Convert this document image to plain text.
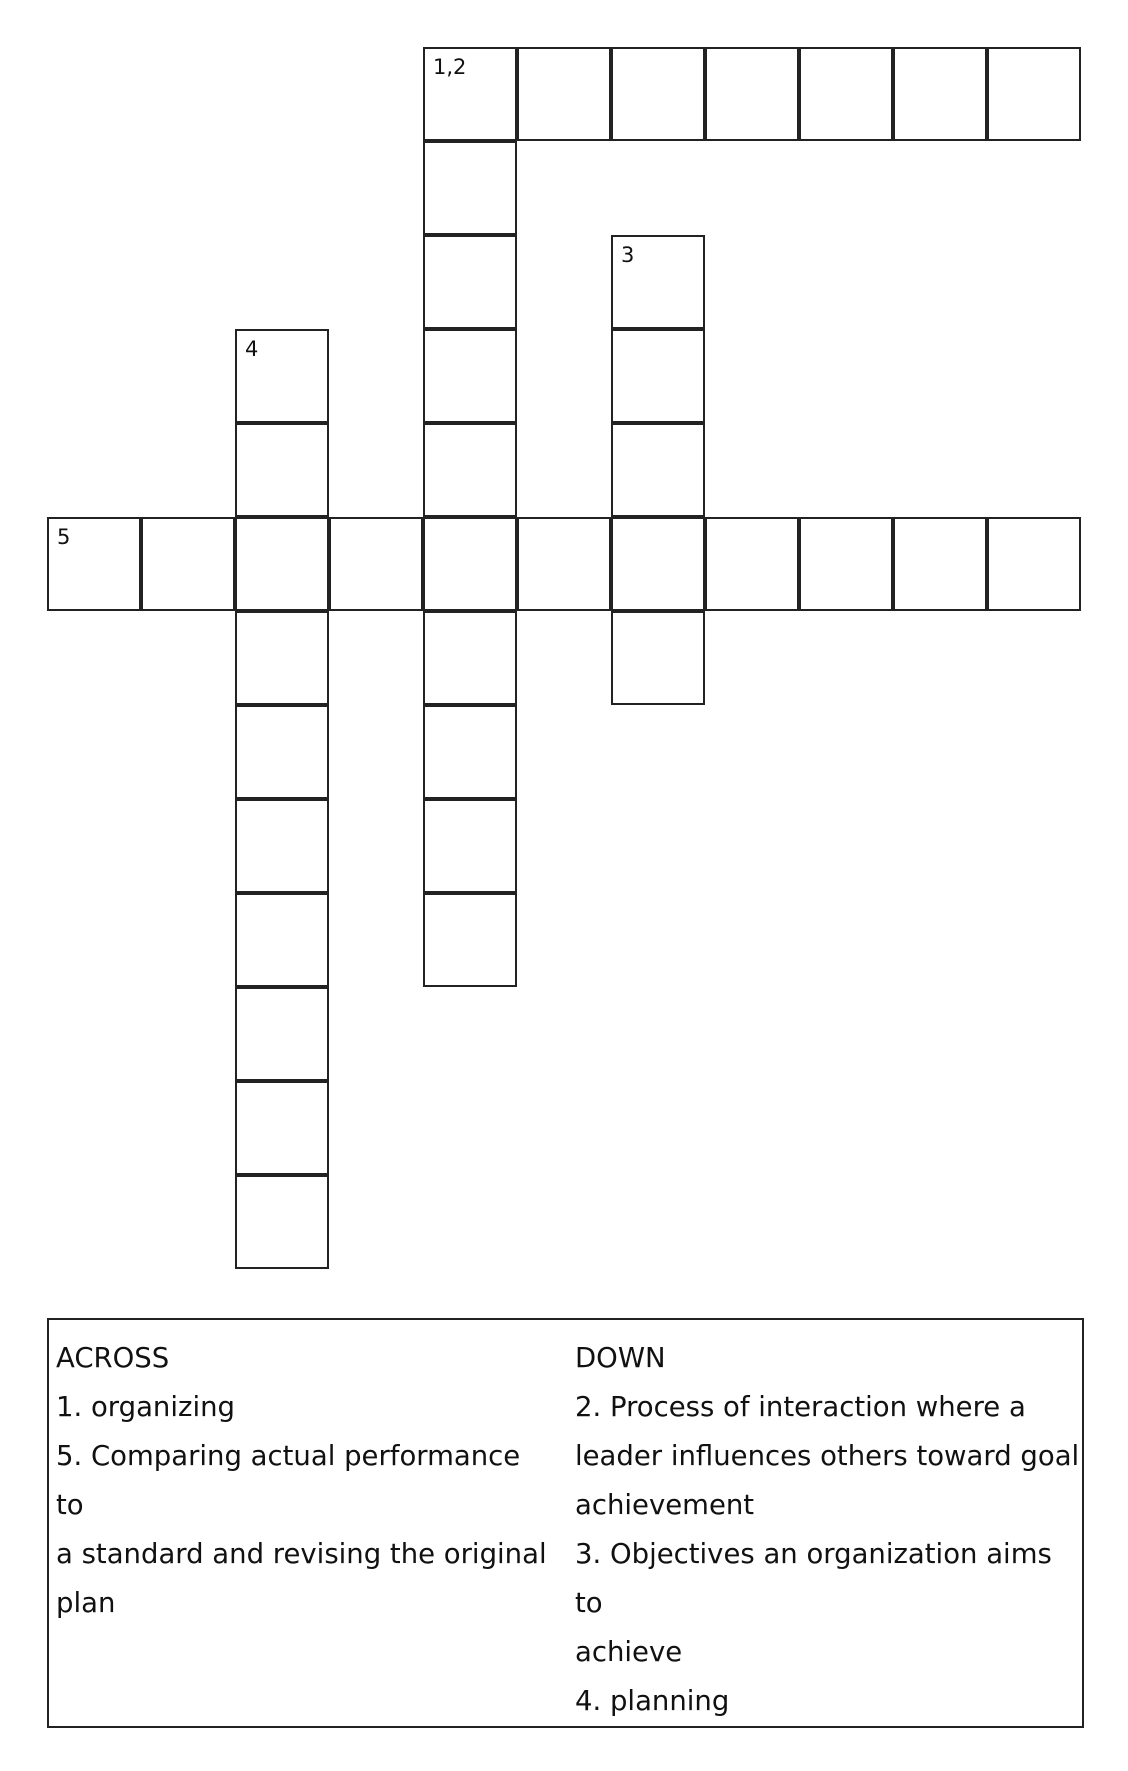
1,2
3
4
5
ACROSS
1. organizing
5. Comparing actual performance to
a standard and revising the original
plan
DOWN
2. Process of interaction where a
leader influences others toward goal
achievement
3. Objectives an organization aims to
achieve
4. planning
